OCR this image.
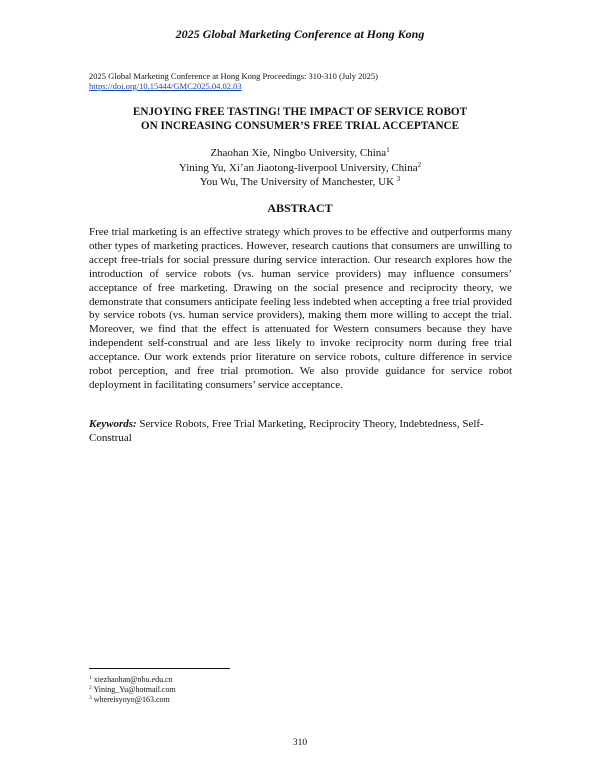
2025 Global Marketing Conference at Hong Kong
2025 Global Marketing Conference at Hong Kong Proceedings: 310-310 (July 2025)
https://doi.org/10.15444/GMC2025.04.02.03
ENJOYING FREE TASTING! THE IMPACT OF SERVICE ROBOT
ON INCREASING CONSUMER’S FREE TRIAL ACCEPTANCE
Zhaohan Xie, Ningbo University, China$^1$
Yining Yu, Xi’an Jiaotong-liverpool University, China$^2$
You Wu, The University of Manchester, UK $^3$
ABSTRACT
Free trial marketing is an effective strategy which proves to be effective and outperforms many other types of marketing practices. However, research cautions that consumers are unwilling to accept free-trials for social pressure during service interaction. Our research explores how the introduction of service robots (vs. human service providers) may influence consumers’ acceptance of free marketing. Drawing on the social presence and reciprocity theory, we demonstrate that consumers anticipate feeling less indebted when accepting a free trial provided by service robots (vs. human service providers), making them more willing to accept the trial. Moreover, we find that the effect is attenuated for Western consumers because they have independent self-construal and are less likely to invoke reciprocity norm during free trial acceptance. Our work extends prior literature on service robots, culture difference in service robot perception, and free trial promotion. We also provide guidance for service robot deployment in facilitating consumers’ service acceptance.
Keywords: Service Robots, Free Trial Marketing, Reciprocity Theory, Indebtedness, Self-Construal
$^1$ xiezhaohan@nbu.edu.cn
$^2$ Yining_Yu@hotmail.com
$^3$ whereisyoyo@163.com
310
